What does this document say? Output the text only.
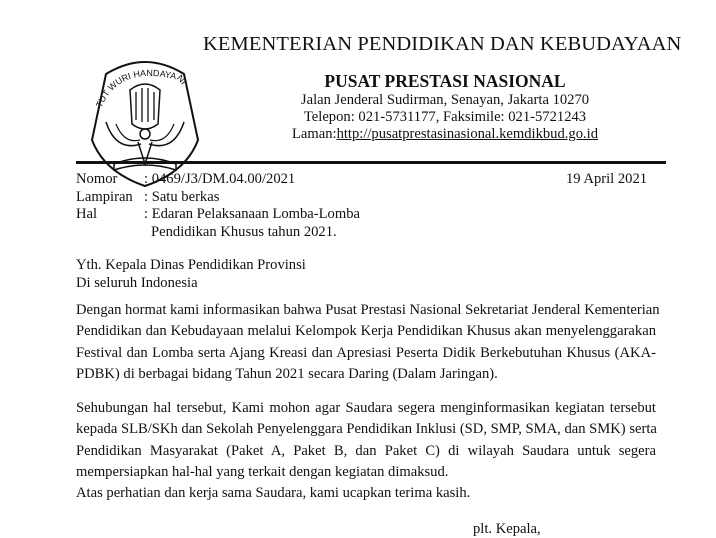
TUT WURI HANDAYANI
KEMENTERIAN PENDIDIKAN DAN KEBUDAYAAN
PUSAT PRESTASI NASIONAL
Jalan Jenderal Sudirman, Senayan, Jakarta 10270
Telepon: 021-5731177, Faksimile: 021-5721243
Laman:http://pusatprestasinasional.kemdikbud.go.id
Nomor	: 0469/J3/DM.04.00/2021
Lampiran : Satu berkas
Hal	: Edaran Pelaksanaan Lomba-Lomba
Pendidikan Khusus tahun 2021.
19 April 2021
Yth. Kepala Dinas Pendidikan Provinsi
Di seluruh Indonesia
Dengan hormat kami informasikan bahwa Pusat Prestasi Nasional Sekretariat Jenderal Kementerian
Pendidikan dan Kebudayaan melalui Kelompok Kerja Pendidikan Khusus akan menyelenggarakan
Festival dan Lomba serta Ajang Kreasi dan Apresiasi Peserta Didik Berkebutuhan Khusus (AKA-
PDBK) di berbagai bidang Tahun 2021 secara Daring (Dalam Jaringan).
Sehubungan hal tersebut, Kami mohon agar Saudara segera menginformasikan kegiatan tersebut
kepada SLB/SKh dan Sekolah Penyelenggara Pendidikan Inklusi (SD, SMP, SMA, dan SMK) serta
Pendidikan Masyarakat (Paket A, Paket B, dan Paket C) di wilayah Saudara untuk segera
mempersiapkan hal-hal yang terkait dengan kegiatan dimaksud.
Atas perhatian dan kerja sama Saudara, kami ucapkan terima kasih.
plt. Kepala,
